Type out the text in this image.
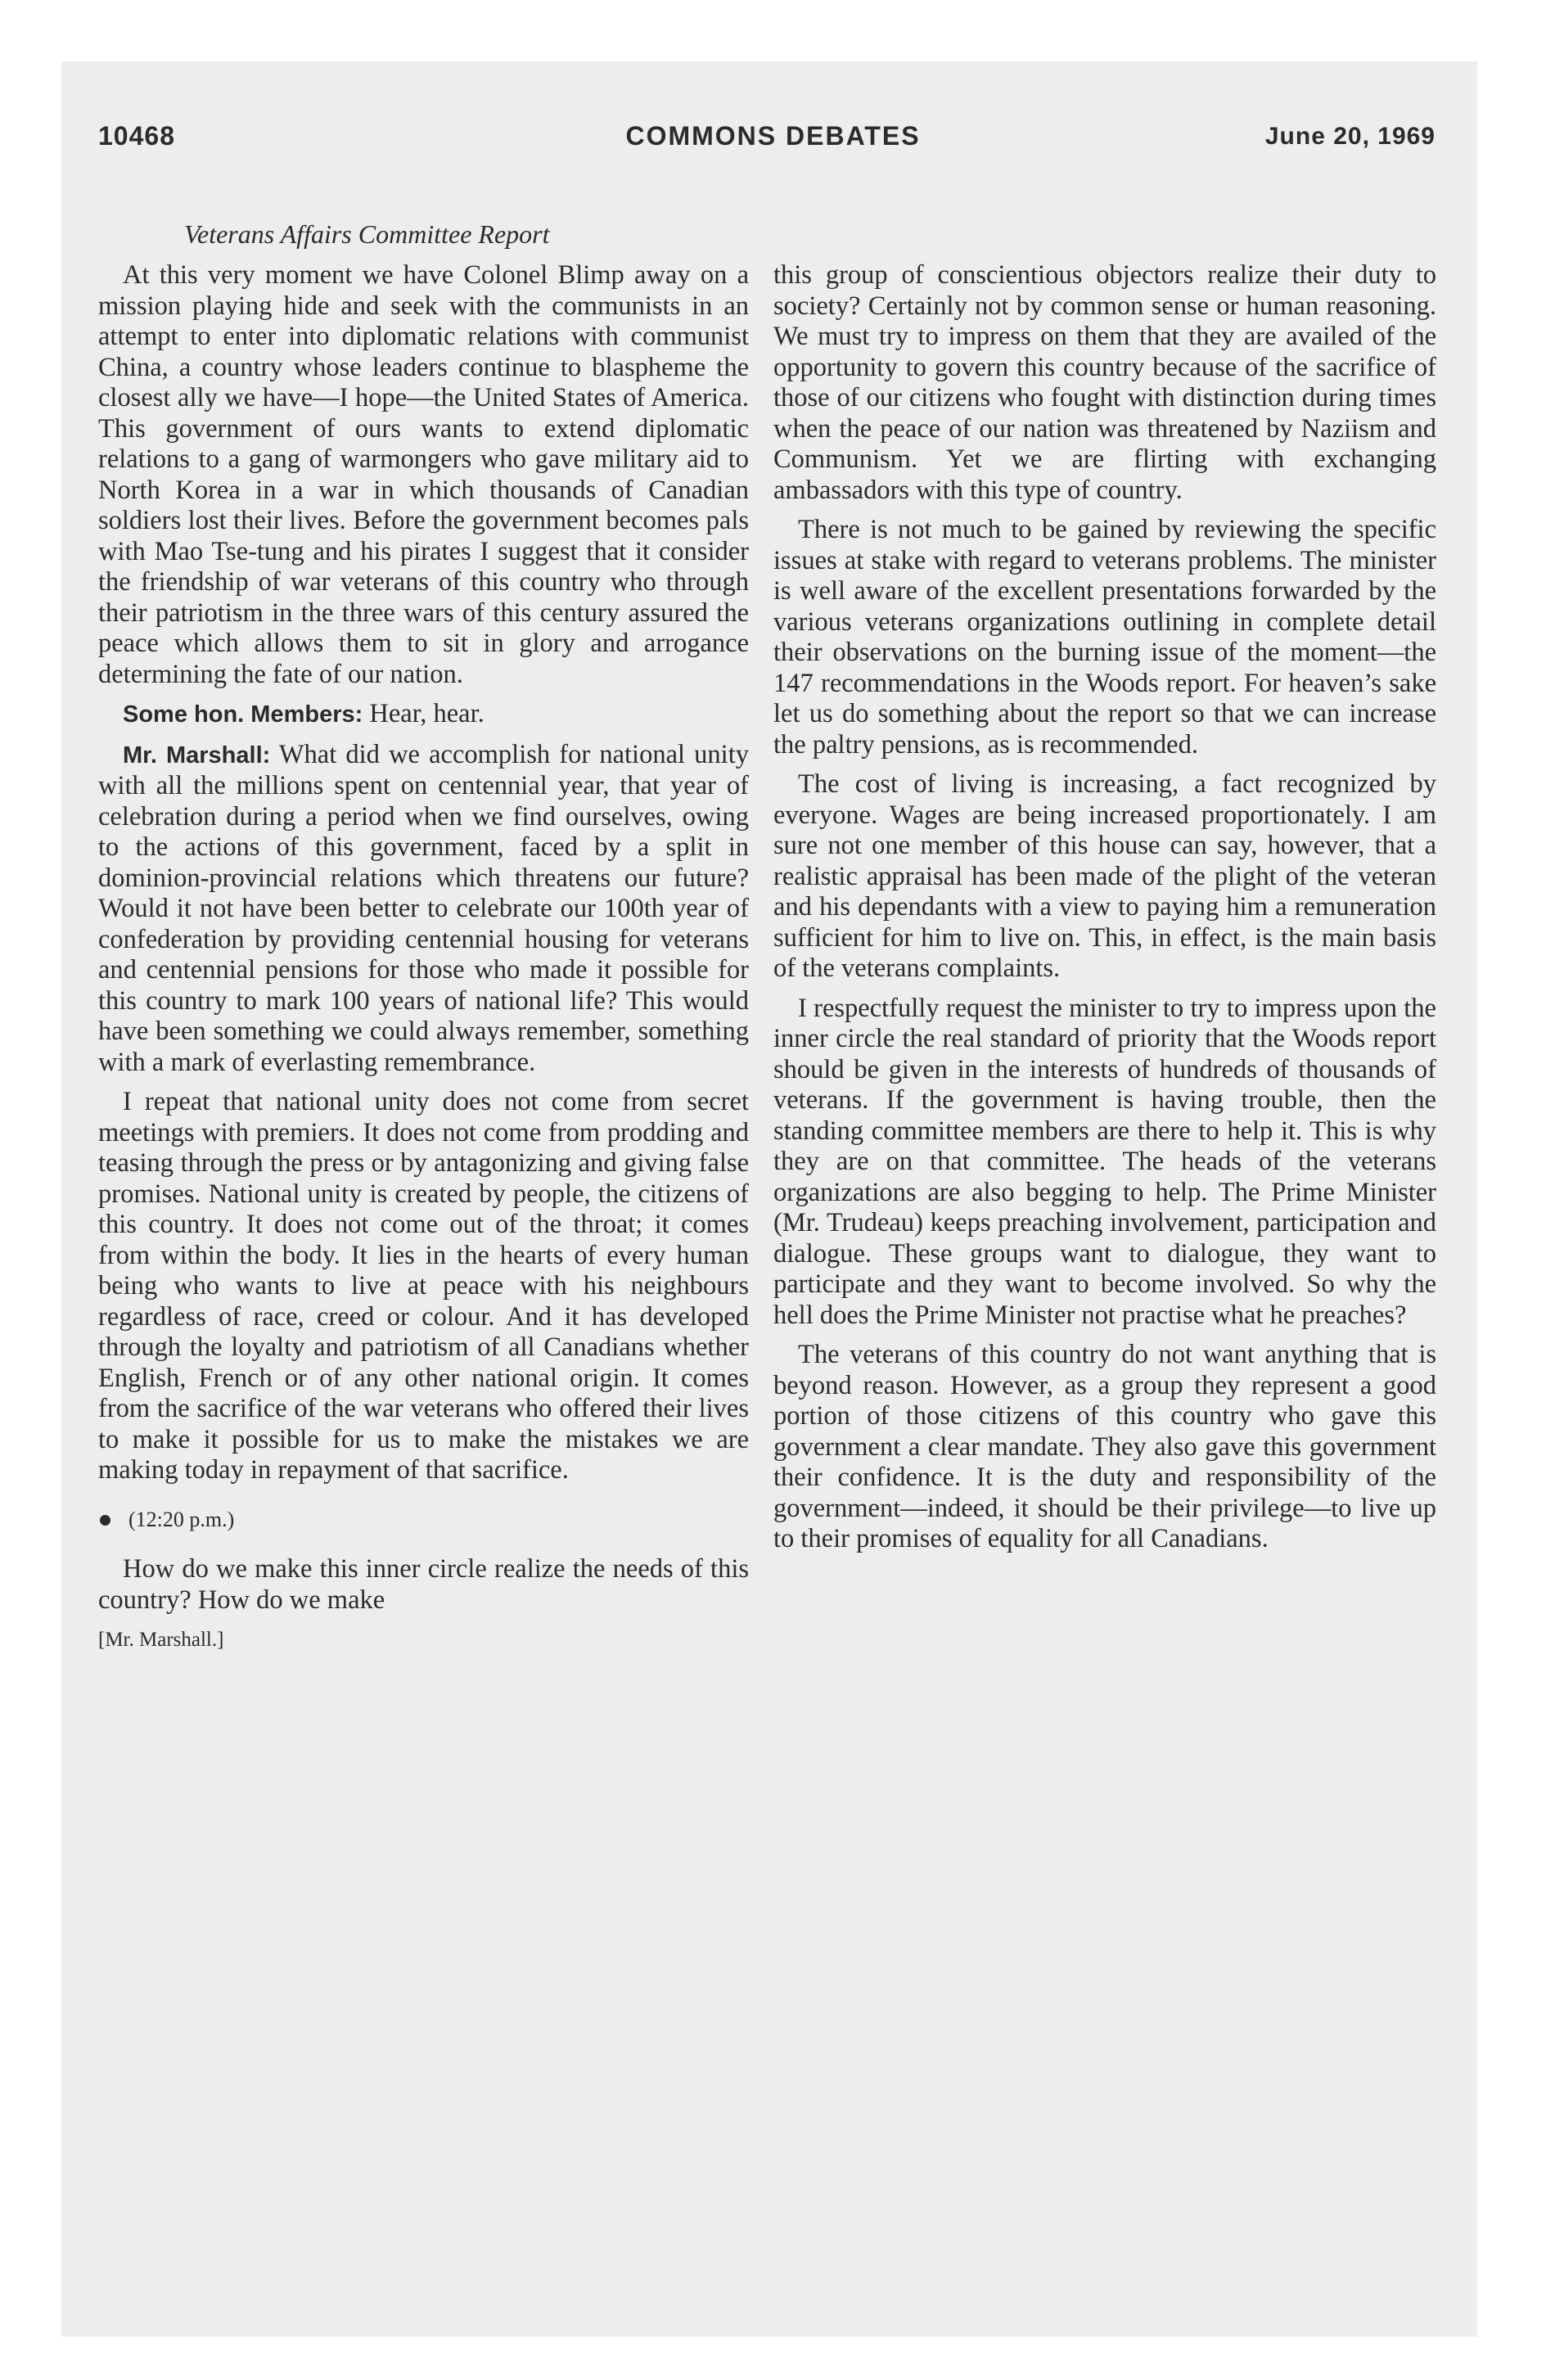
10468	COMMONS DEBATES	June 20, 1969
Veterans Affairs Committee Report

At this very moment we have Colonel Blimp away on a mission playing hide and seek with the communists in an attempt to enter into diplomatic relations with communist China, a country whose leaders continue to blaspheme the closest ally we have—I hope—the United States of America. This government of ours wants to extend diplomatic relations to a gang of warmongers who gave military aid to North Korea in a war in which thousands of Canadian soldiers lost their lives. Before the government becomes pals with Mao Tse-tung and his pirates I suggest that it consider the friendship of war veterans of this country who through their patriotism in the three wars of this century assured the peace which allows them to sit in glory and arrogance determining the fate of our nation.

Some hon. Members: Hear, hear.

Mr. Marshall: What did we accomplish for national unity with all the millions spent on centennial year, that year of celebration during a period when we find ourselves, owing to the actions of this government, faced by a split in dominion-provincial relations which threatens our future? Would it not have been better to celebrate our 100th year of confederation by providing centennial housing for veterans and centennial pensions for those who made it possible for this country to mark 100 years of national life? This would have been something we could always remember, something with a mark of everlasting remembrance.

I repeat that national unity does not come from secret meetings with premiers. It does not come from prodding and teasing through the press or by antagonizing and giving false promises. National unity is created by people, the citizens of this country. It does not come out of the throat; it comes from within the body. It lies in the hearts of every human being who wants to live at peace with his neighbours regardless of race, creed or colour. And it has developed through the loyalty and patriotism of all Canadians whether English, French or of any other national origin. It comes from the sacrifice of the war veterans who offered their lives to make it possible for us to make the mistakes we are making today in repayment of that sacrifice.

(12:20 p.m.)

How do we make this inner circle realize the needs of this country? How do we make

[Mr. Marshall.]

this group of conscientious objectors realize their duty to society? Certainly not by common sense or human reasoning. We must try to impress on them that they are availed of the opportunity to govern this country because of the sacrifice of those of our citizens who fought with distinction during times when the peace of our nation was threatened by Naziism and Communism. Yet we are flirting with exchanging ambassadors with this type of country.

There is not much to be gained by reviewing the specific issues at stake with regard to veterans problems. The minister is well aware of the excellent presentations forwarded by the various veterans organizations outlining in complete detail their observations on the burning issue of the moment—the 147 recommendations in the Woods report. For heaven’s sake let us do something about the report so that we can increase the paltry pensions, as is recommended.

The cost of living is increasing, a fact recognized by everyone. Wages are being increased proportionately. I am sure not one member of this house can say, however, that a realistic appraisal has been made of the plight of the veteran and his dependants with a view to paying him a remuneration sufficient for him to live on. This, in effect, is the main basis of the veterans complaints.

I respectfully request the minister to try to impress upon the inner circle the real standard of priority that the Woods report should be given in the interests of hundreds of thousands of veterans. If the government is having trouble, then the standing committee members are there to help it. This is why they are on that committee. The heads of the veterans organizations are also begging to help. The Prime Minister (Mr. Trudeau) keeps preaching involvement, participation and dialogue. These groups want to dialogue, they want to participate and they want to become involved. So why the hell does the Prime Minister not practise what he preaches?

The veterans of this country do not want anything that is beyond reason. However, as a group they represent a good portion of those citizens of this country who gave this government a clear mandate. They also gave this government their confidence. It is the duty and responsibility of the government—indeed, it should be their privilege—to live up to their promises of equality for all Canadians.
